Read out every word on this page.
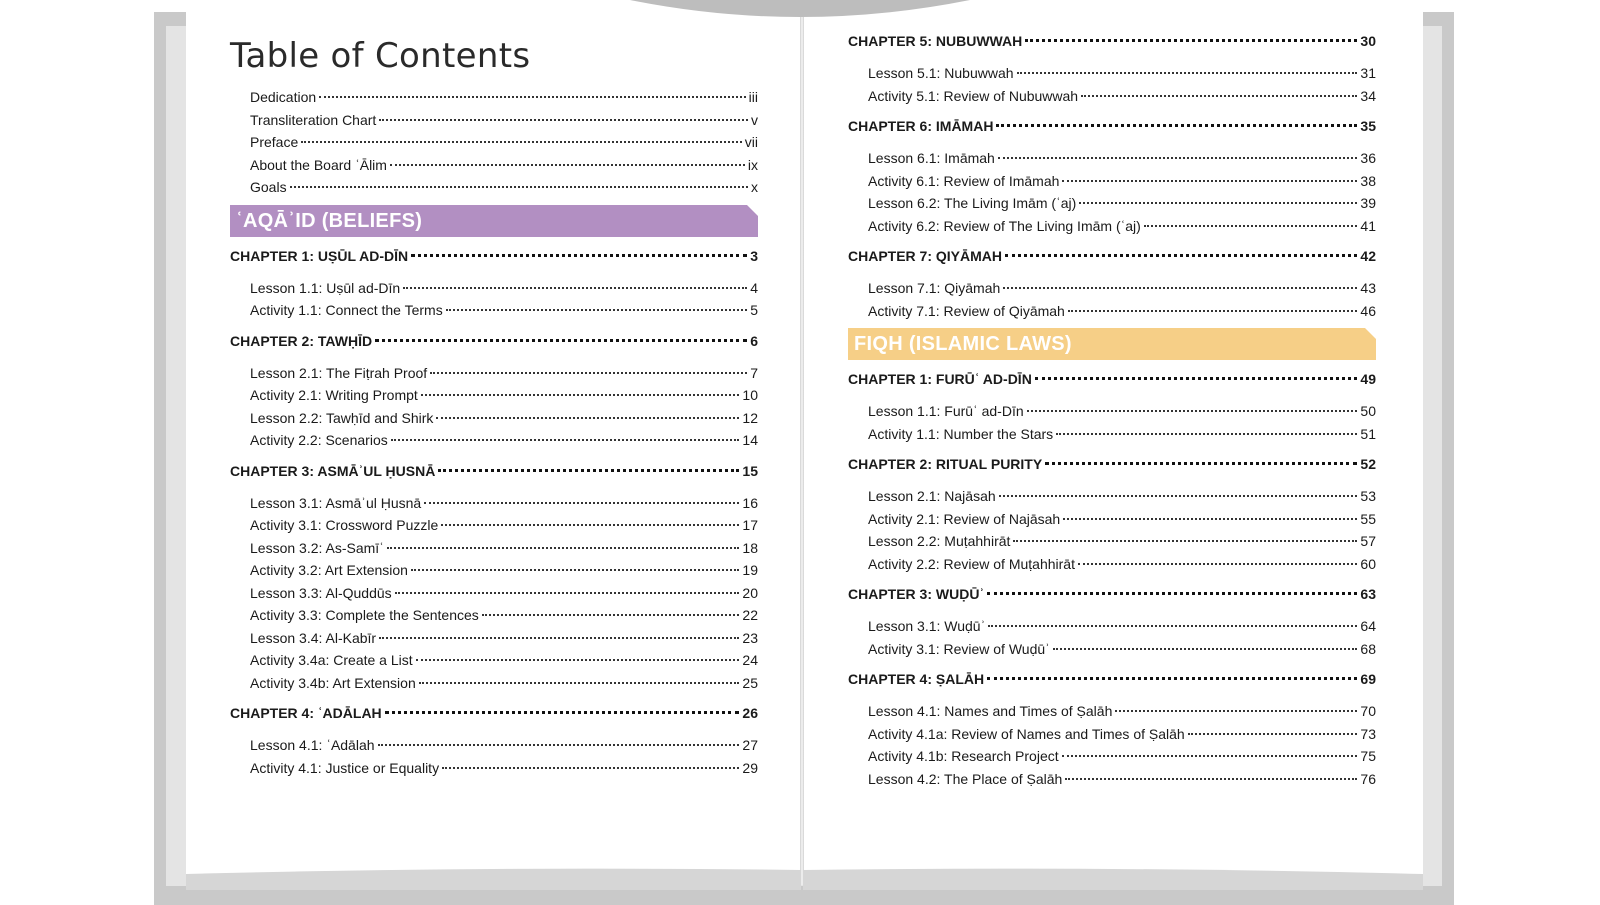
Table of Contents
Dedication	iii
Transliteration Chart	v
Preface	vii
About the Board ʿĀlim	ix
Goals	x
ʿAQĀʾID (BELIEFS)
CHAPTER 1: UṢŪL AD-DĪN	3
Lesson 1.1: Uṣūl ad-Dīn	4
Activity 1.1: Connect the Terms	5
CHAPTER 2: TAWḤĪD	6
Lesson 2.1: The Fiṭrah Proof	7
Activity 2.1: Writing Prompt	10
Lesson 2.2: Tawḥīd and Shirk	12
Activity 2.2: Scenarios	14
CHAPTER 3: ASMĀʾUL ḤUSNĀ	15
Lesson 3.1: Asmāʾul Ḥusnā	16
Activity 3.1: Crossword Puzzle	17
Lesson 3.2: As-Samīʿ	18
Activity 3.2: Art Extension	19
Lesson 3.3: Al-Quddūs	20
Activity 3.3: Complete the Sentences	22
Lesson 3.4: Al-Kabīr	23
Activity 3.4a: Create a List	24
Activity 3.4b: Art Extension	25
CHAPTER 4: ʿADĀLAH	26
Lesson 4.1: ʿAdālah	27
Activity 4.1: Justice or Equality	29
CHAPTER 5: NUBUWWAH	30
Lesson 5.1: Nubuwwah	31
Activity 5.1: Review of Nubuwwah	34
CHAPTER 6: IMĀMAH	35
Lesson 6.1: Imāmah	36
Activity 6.1: Review of Imāmah	38
Lesson 6.2: The Living Imām (ʿaj)	39
Activity 6.2: Review of The Living Imām (ʿaj)	41
CHAPTER 7: QIYĀMAH	42
Lesson 7.1: Qiyāmah	43
Activity 7.1: Review of Qiyāmah	46
FIQH (ISLAMIC LAWS)
CHAPTER 1: FURŪʿ AD-DĪN	49
Lesson 1.1: Furūʿ ad-Dīn	50
Activity 1.1: Number the Stars	51
CHAPTER 2: RITUAL PURITY	52
Lesson 2.1: Najāsah	53
Activity 2.1: Review of Najāsah	55
Lesson 2.2: Muṭahhirāt	57
Activity 2.2: Review of Muṭahhirāt	60
CHAPTER 3: WUḌŪʾ	63
Lesson 3.1: Wuḍūʾ	64
Activity 3.1: Review of Wuḍūʾ	68
CHAPTER 4: ṢALĀH	69
Lesson 4.1: Names and Times of Ṣalāh	70
Activity 4.1a: Review of Names and Times of Ṣalāh	73
Activity 4.1b: Research Project	75
Lesson 4.2: The Place of Ṣalāh	76
